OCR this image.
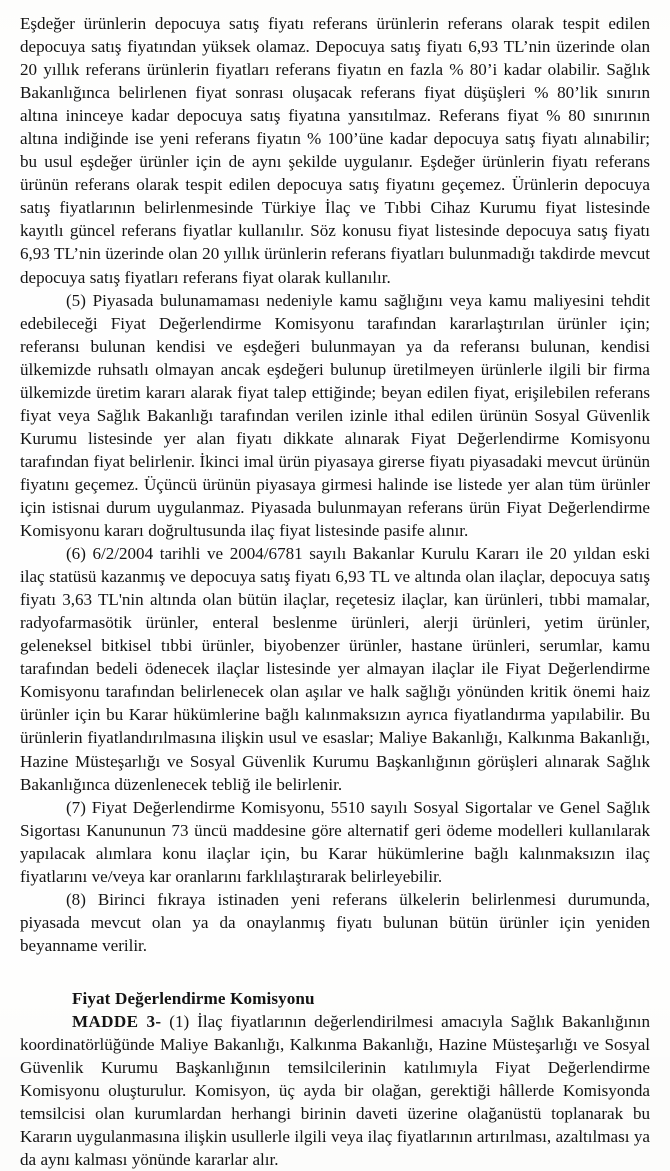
Eşdeğer ürünlerin depocuya satış fiyatı referans ürünlerin referans olarak tespit edilen depocuya satış fiyatından yüksek olamaz. Depocuya satış fiyatı 6,93 TL’nin üzerinde olan 20 yıllık referans ürünlerin fiyatları referans fiyatın en fazla % 80’i kadar olabilir. Sağlık Bakanlığınca belirlenen fiyat sonrası oluşacak referans fiyat düşüşleri % 80’lik sınırın altına ininceye kadar depocuya satış fiyatına yansıtılmaz. Referans fiyat % 80 sınırının altına indiğinde ise yeni referans fiyatın % 100’üne kadar depocuya satış fiyatı alınabilir; bu usul eşdeğer ürünler için de aynı şekilde uygulanır. Eşdeğer ürünlerin fiyatı referans ürünün referans olarak tespit edilen depocuya satış fiyatını geçemez. Ürünlerin depocuya satış fiyatlarının belirlenmesinde Türkiye İlaç ve Tıbbi Cihaz Kurumu fiyat listesinde kayıtlı güncel referans fiyatlar kullanılır. Söz konusu fiyat listesinde depocuya satış fiyatı 6,93 TL’nin üzerinde olan 20 yıllık ürünlerin referans fiyatları bulunmadığı takdirde mevcut depocuya satış fiyatları referans fiyat olarak kullanılır.

(5) Piyasada bulunamaması nedeniyle kamu sağlığını veya kamu maliyesini tehdit edebileceği Fiyat Değerlendirme Komisyonu tarafından kararlaştırılan ürünler için; referansı bulunan kendisi ve eşdeğeri bulunmayan ya da referansı bulunan, kendisi ülkemizde ruhsatlı olmayan ancak eşdeğeri bulunup üretilmeyen ürünlerle ilgili bir firma ülkemizde üretim kararı alarak fiyat talep ettiğinde; beyan edilen fiyat, erişilebilen referans fiyat veya Sağlık Bakanlığı tarafından verilen izinle ithal edilen ürünün Sosyal Güvenlik Kurumu listesinde yer alan fiyatı dikkate alınarak Fiyat Değerlendirme Komisyonu tarafından fiyat belirlenir. İkinci imal ürün piyasaya girerse fiyatı piyasadaki mevcut ürünün fiyatını geçemez. Üçüncü ürünün piyasaya girmesi halinde ise listede yer alan tüm ürünler için istisnai durum uygulanmaz. Piyasada bulunmayan referans ürün Fiyat Değerlendirme Komisyonu kararı doğrultusunda ilaç fiyat listesinde pasife alınır.

(6) 6/2/2004 tarihli ve 2004/6781 sayılı Bakanlar Kurulu Kararı ile 20 yıldan eski ilaç statüsü kazanmış ve depocuya satış fiyatı 6,93 TL ve altında olan ilaçlar, depocuya satış fiyatı 3,63 TL'nin altında olan bütün ilaçlar, reçetesiz ilaçlar, kan ürünleri, tıbbi mamalar, radyofarmasötik ürünler, enteral beslenme ürünleri, alerji ürünleri, yetim ürünler, geleneksel bitkisel tıbbi ürünler, biyobenzer ürünler, hastane ürünleri, serumlar, kamu tarafından bedeli ödenecek ilaçlar listesinde yer almayan ilaçlar ile Fiyat Değerlendirme Komisyonu tarafından belirlenecek olan aşılar ve halk sağlığı yönünden kritik önemi haiz ürünler için bu Karar hükümlerine bağlı kalınmaksızın ayrıca fiyatlandırma yapılabilir. Bu ürünlerin fiyatlandırılmasına ilişkin usul ve esaslar; Maliye Bakanlığı, Kalkınma Bakanlığı, Hazine Müsteşarlığı ve Sosyal Güvenlik Kurumu Başkanlığının görüşleri alınarak Sağlık Bakanlığınca düzenlenecek tebliğ ile belirlenir.

(7) Fiyat Değerlendirme Komisyonu, 5510 sayılı Sosyal Sigortalar ve Genel Sağlık Sigortası Kanununun 73 üncü maddesine göre alternatif geri ödeme modelleri kullanılarak yapılacak alımlara konu ilaçlar için, bu Karar hükümlerine bağlı kalınmaksızın ilaç fiyatlarını ve/veya kar oranlarını farklılaştırarak belirleyebilir.

(8) Birinci fıkraya istinaden yeni referans ülkelerin belirlenmesi durumunda, piyasada mevcut olan ya da onaylanmış fiyatı bulunan bütün ürünler için yeniden beyanname verilir.

Fiyat Değerlendirme Komisyonu

MADDE 3- (1) İlaç fiyatlarının değerlendirilmesi amacıyla Sağlık Bakanlığının koordinatörlüğünde Maliye Bakanlığı, Kalkınma Bakanlığı, Hazine Müsteşarlığı ve Sosyal Güvenlik Kurumu Başkanlığının temsilcilerinin katılımıyla Fiyat Değerlendirme Komisyonu oluşturulur. Komisyon, üç ayda bir olağan, gerektiği hâllerde Komisyonda temsilcisi olan kurumlardan herhangi birinin daveti üzerine olağanüstü toplanarak bu Kararın uygulanmasına ilişkin usullerle ilgili veya ilaç fiyatlarının artırılması, azaltılması ya da aynı kalması yönünde kararlar alır.
